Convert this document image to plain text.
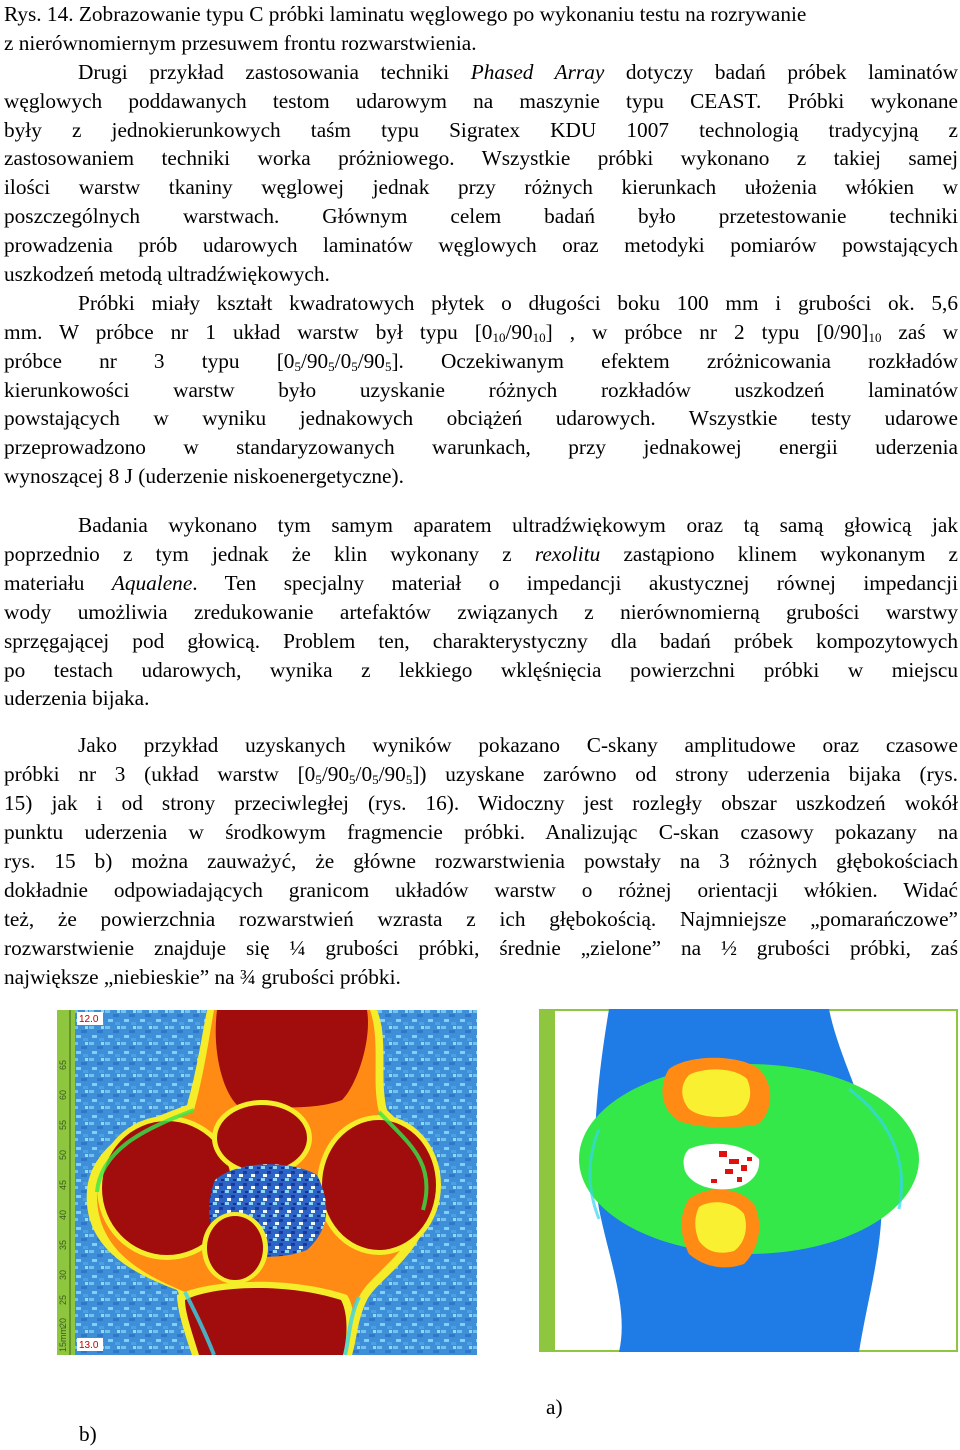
Rys. 14. Zobrazowanie typu C próbki laminatu węglowego po wykonaniu testu na rozrywanie
z nierównomiernym przesuwem frontu rozwarstwienia.
Drugi przykład zastosowania techniki Phased Array dotyczy badań próbek laminatów
węglowych poddawanych testom udarowym na maszynie typu CEAST. Próbki wykonane
były z jednokierunkowych taśm typu Sigratex KDU 1007 technologią tradycyjną z
zastosowaniem techniki worka próżniowego. Wszystkie próbki wykonano z takiej samej
ilości warstw tkaniny węglowej jednak przy różnych kierunkach ułożenia włókien w
poszczególnych warstwach. Głównym celem badań było przetestowanie techniki
prowadzenia prób udarowych laminatów węglowych oraz metodyki pomiarów powstających
uszkodzeń metodą ultradźwiękowych.
Próbki miały kształt kwadratowych płytek o długości boku 100 mm i grubości ok. 5,6
mm. W próbce nr 1 układ warstw był typu $[0_{10}/90_{10}]$ , w próbce nr 2 typu $[0/90]_{10}$ zaś w
próbce nr 3 typu $[0_5/90_5/0_5/90_5]$. Oczekiwanym efektem zróżnicowania rozkładów
kierunkowości warstw było uzyskanie różnych rozkładów uszkodzeń laminatów
powstających w wyniku jednakowych obciążeń udarowych. Wszystkie testy udarowe
przeprowadzono w standaryzowanych warunkach, przy jednakowej energii uderzenia
wynoszącej 8 J (uderzenie niskoenergetyczne).
Badania wykonano tym samym aparatem ultradźwiękowym oraz tą samą głowicą jak
poprzednio z tym jednak że klin wykonany z rexolitu zastąpiono klinem wykonanym z
materiału Aqualene. Ten specjalny materiał o impedancji akustycznej równej impedancji
wody umożliwia zredukowanie artefaktów związanych z nierównomierną grubości warstwy
sprzęgającej pod głowicą. Problem ten, charakterystyczny dla badań próbek kompozytowych
po testach udarowych, wynika z lekkiego wklęśnięcia powierzchni próbki w miejscu
uderzenia bijaka.
Jako przykład uzyskanych wyników pokazano C-skany amplitudowe oraz czasowe
próbki nr 3 (układ warstw $[0_5/90_5/0_5/90_5]$) uzyskane zarówno od strony uderzenia bijaka (rys.
15) jak i od strony przeciwległej (rys. 16). Widoczny jest rozległy obszar uszkodzeń wokół
punktu uderzenia w środkowym fragmencie próbki. Analizując C-skan czasowy pokazany na
rys. 15 b) można zauważyć, że główne rozwarstwienia powstały na 3 różnych głębokościach
dokładnie odpowiadających granicom układów warstw o różnej orientacji włókien. Widać
też, że powierzchnia rozwarstwień wzrasta z ich głębokością. Najmniejsze „pomarańczowe”
rozwarstwienie znajduje się ¼ grubości próbki, średnie „zielone” na ½ grubości próbki, zaś
największe „niebieskie” na ¾ grubości próbki.
65
60
55
50
45
40
35
30
25
20
15mm
12.0
13.0
b)
a)
